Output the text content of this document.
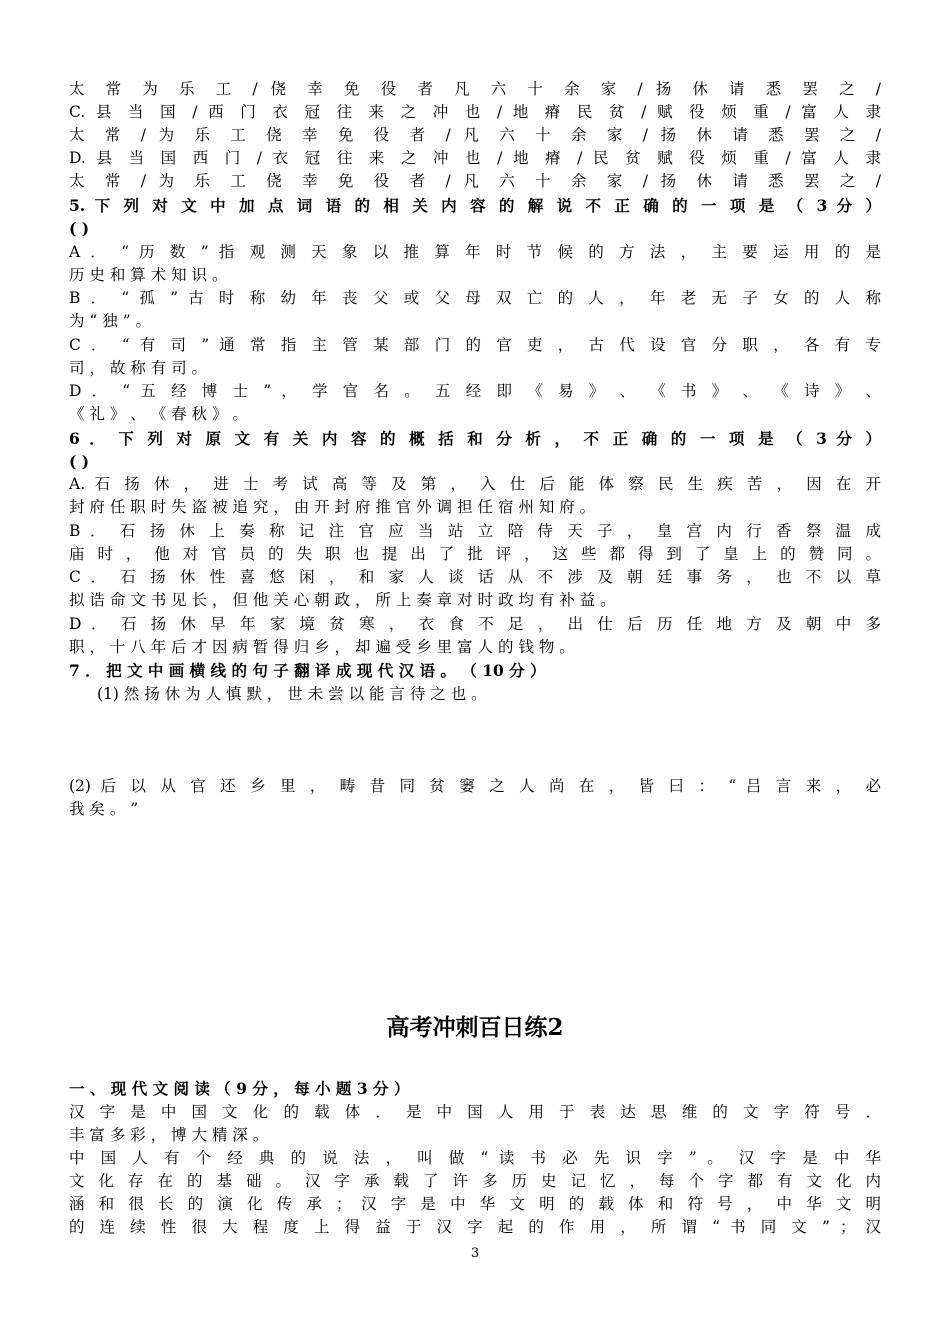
太 常 为 乐 工 / 侥 幸 免 役 者 凡 六 十 余 家 / 扬 休 请 悉 罢 之 /
C. 县 当 国 / 西 门 衣 冠 往 来 之 冲 也 / 地 瘠 民 贫 / 赋 役 烦 重 / 富 人 隶
太 常 / 为 乐 工 侥 幸 免 役 者 / 凡 六 十 余 家 / 扬 休 请 悉 罢 之 /
D. 县 当 国 西 门 / 衣 冠 往 来 之 冲 也 / 地 瘠 / 民 贫 赋 役 烦 重 / 富 人 隶
太 常 / 为 乐 工 侥 幸 免 役 者 / 凡 六 十 余 家 / 扬 休 请 悉 罢 之 /
5. 下 列 对 文 中 加 点 词 语 的 相 关 内 容 的 解 说 不 正 确 的 一 项 是 （ 3 分 ）
( )
A ． “ 历 数 ” 指 观 测 天 象 以 推 算 年 时 节 候 的 方 法 ， 主 要 运 用 的 是
历 史 和 算 术 知 识 。
B ． “ 孤 ” 古 时 称 幼 年 丧 父 或 父 母 双 亡 的 人 ， 年 老 无 子 女 的 人 称
为 “ 独 ” 。
C ． “ 有 司 ” 通 常 指 主 管 某 部 门 的 官 吏 ， 古 代 设 官 分 职 ， 各 有 专
司 ， 故 称 有 司 。
D ． “ 五 经 博 士 ” ， 学 官 名 。 五 经 即 《 易 》 、 《 书 》 、 《 诗 》 、
《 礼 》 、 《 春 秋 》 。
6 ． 下 列 对 原 文 有 关 内 容 的 概 括 和 分 析 ， 不 正 确 的 一 项 是 （ 3 分 ）
( )
A. 石 扬 休 ， 进 士 考 试 高 等 及 第 ， 入 仕 后 能 体 察 民 生 疾 苦 ， 因 在 开
封 府 任 职 时 失 盗 被 追 究 ， 由 开 封 府 推 官 外 调 担 任 宿 州 知 府 。
B ． 石 扬 休 上 奏 称 记 注 官 应 当 站 立 陪 侍 天 子 ， 皇 宫 内 行 香 祭 温 成
庙 时 ， 他 对 官 员 的 失 职 也 提 出 了 批 评 ， 这 些 都 得 到 了 皇 上 的 赞 同 。
C ． 石 扬 休 性 喜 悠 闲 ， 和 家 人 谈 话 从 不 涉 及 朝 廷 事 务 ， 也 不 以 草
拟 诰 命 文 书 见 长 ， 但 他 关 心 朝 政 ， 所 上 奏 章 对 时 政 均 有 补 益 。
D ． 石 扬 休 早 年 家 境 贫 寒 ， 衣 食 不 足 ， 出 仕 后 历 任 地 方 及 朝 中 多
职 ， 十 八 年 后 才 因 病 暂 得 归 乡 ， 却 遍 受 乡 里 富 人 的 钱 物 。
7 ． 把 文 中 画 横 线 的 句 子 翻 译 成 现 代 汉 语 。 （ 10 分 ）
(1) 然 扬 休 为 人 慎 默 ， 世 未 尝 以 能 言 待 之 也 。
(2) 后 以 从 官 还 乡 里 ， 畴 昔 同 贫 窭 之 人 尚 在 ， 皆 曰 ： “ 吕 言 来 ， 必
我 矣 。 ”
高考冲刺百日练2
一 、 现 代 文 阅 读 （ 9 分 ， 每 小 题 3 分 ）
汉 字 是 中 国 文 化 的 载 体 ． 是 中 国 人 用 于 表 达 思 维 的 文 字 符 号 ．
丰 富 多 彩 ， 博 大 精 深 。
中 国 人 有 个 经 典 的 说 法 ， 叫 做 “ 读 书 必 先 识 字 ” 。 汉 字 是 中 华
文 化 存 在 的 基 础 。 汉 字 承 载 了 许 多 历 史 记 忆 ， 每 个 字 都 有 文 化 内
涵 和 很 长 的 演 化 传 承 ； 汉 字 是 中 华 文 明 的 载 体 和 符 号 ， 中 华 文 明
的 连 续 性 很 大 程 度 上 得 益 于 汉 字 起 的 作 用 ， 所 谓 “ 书 同 文 ” ； 汉
3
